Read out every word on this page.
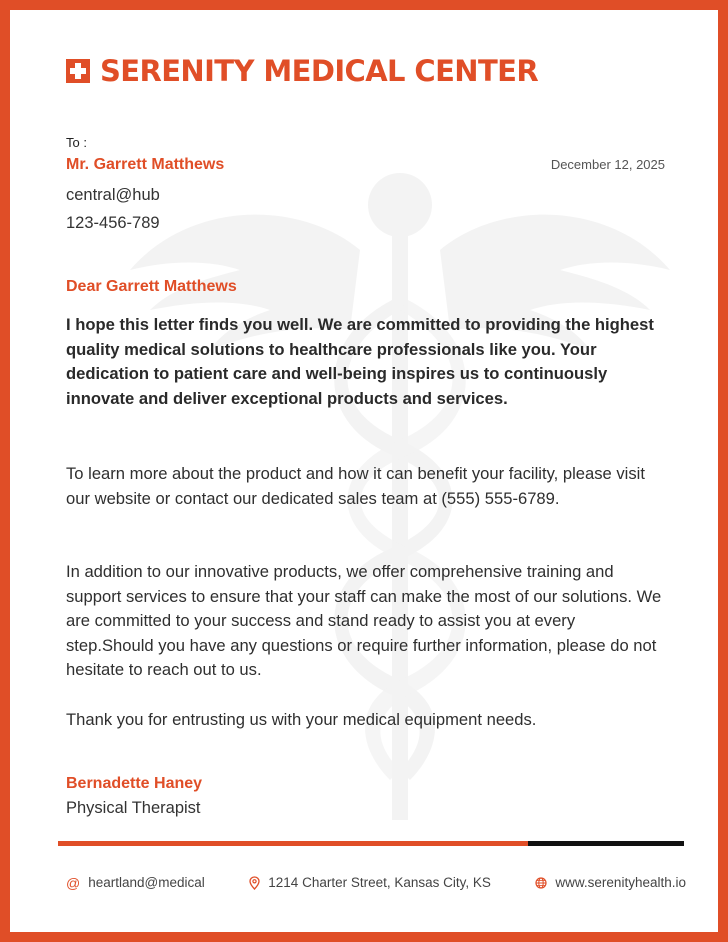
SERENITY MEDICAL CENTER
To :
Mr. Garrett Matthews	December 12, 2025
central@hub
123-456-789
Dear Garrett Matthews
I hope this letter finds you well. We are committed to providing the highest quality medical solutions to healthcare professionals like you. Your dedication to patient care and well-being inspires us to continuously innovate and deliver exceptional products and services.
To learn more about the product and how it can benefit your facility, please visit our website or contact our dedicated sales team at (555) 555-6789.
In addition to our innovative products, we offer comprehensive training and support services to ensure that your staff can make the most of our solutions. We are committed to your success and stand ready to assist you at every step.Should you have any questions or require further information, please do not hesitate to reach out to us.
Thank you for entrusting us with your medical equipment needs.
Bernadette Haney
Physical Therapist
@ heartland@medical	1214 Charter Street, Kansas City, KS	www.serenityhealth.io
